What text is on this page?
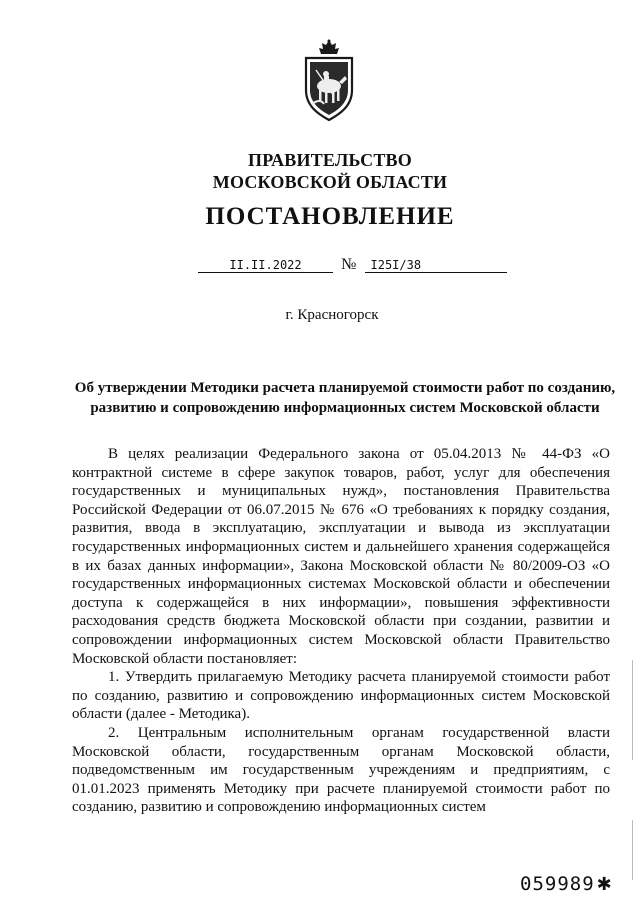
ПРАВИТЕЛЬСТВО
МОСКОВСКОЙ ОБЛАСТИ
ПОСТАНОВЛЕНИЕ
II.II.2022 № I25I/38
г. Красногорск
Об утверждении Методики расчета планируемой стоимости работ по созданию, развитию и сопровождению информационных систем Московской области

В целях реализации Федерального закона от 05.04.2013 № 44-ФЗ «О контрактной системе в сфере закупок товаров, работ, услуг для обеспечения государственных и муниципальных нужд», постановления Правительства Российской Федерации от 06.07.2015 № 676 «О требованиях к порядку создания, развития, ввода в эксплуатацию, эксплуатации и вывода из эксплуатации государственных информационных систем и дальнейшего хранения содержащейся в их базах данных информации», Закона Московской области № 80/2009-ОЗ «О государственных информационных системах Московской области и обеспечении доступа к содержащейся в них информации», повышения эффективности расходования средств бюджета Московской области при создании, развитии и сопровождении информационных систем Московской области Правительство Московской области постановляет:

1. Утвердить прилагаемую Методику расчета планируемой стоимости работ по созданию, развитию и сопровождению информационных систем Московской области (далее - Методика).

2. Центральным исполнительным органам государственной власти Московской области, государственным органам Московской области, подведомственным им государственным учреждениям и предприятиям, с 01.01.2023 применять Методику при расчете планируемой стоимости работ по созданию, развитию и сопровождению информационных систем

059989 ✱
